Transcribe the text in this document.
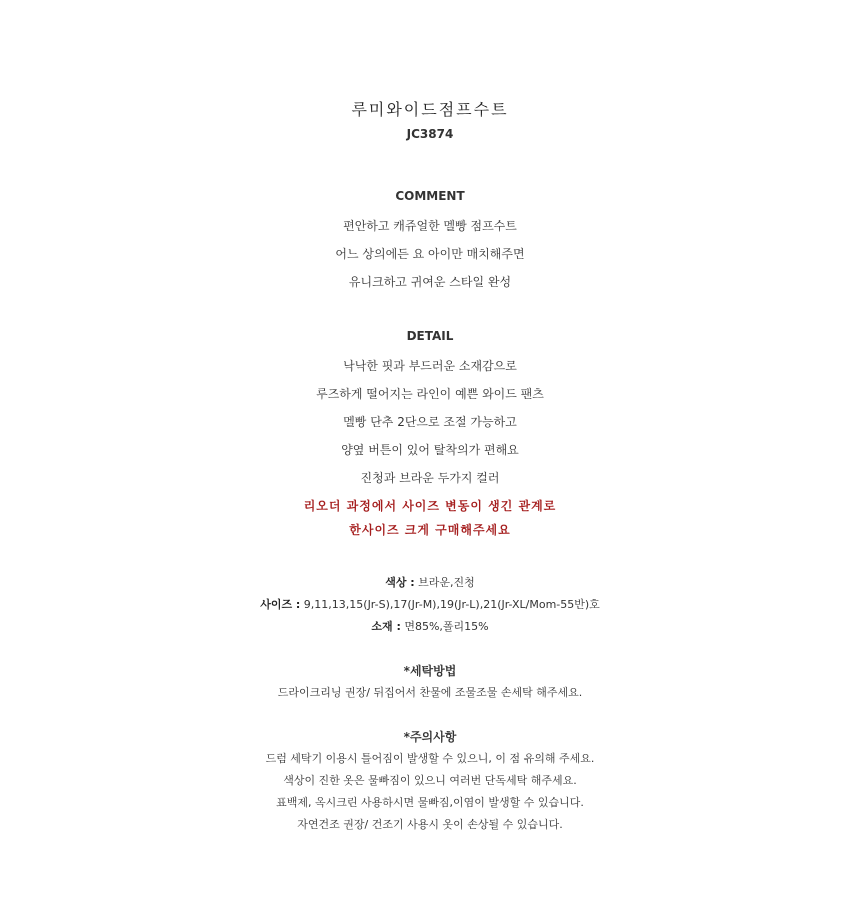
루미와이드점프수트
JC3874
COMMENT
편안하고 캐쥬얼한 멜빵 점프수트
어느 상의에든 요 아이만 매치해주면
유니크하고 귀여운 스타일 완성
DETAIL
낙낙한 핏과 부드러운 소재감으로
루즈하게 떨어지는 라인이 예쁜 와이드 팬츠
멜빵 단추 2단으로 조절 가능하고
양옆 버튼이 있어 탈착의가 편해요
진청과 브라운 두가지 컬러
리오더 과정에서 사이즈 변동이 생긴 관계로
한사이즈 크게 구매해주세요
색상 : 브라운,진청
사이즈 : 9,11,13,15(Jr-S),17(Jr-M),19(Jr-L),21(Jr-XL/Mom-55반)호
소재 : 면85%,폴리15%
*세탁방법
드라이크리닝 권장/ 뒤집어서 찬물에 조물조물 손세탁 해주세요.
*주의사항
드럼 세탁기 이용시 틀어짐이 발생할 수 있으니, 이 점 유의해 주세요.
색상이 진한 옷은 물빠짐이 있으니 여러번 단독세탁 해주세요.
표백제, 옥시크린 사용하시면 물빠짐,이염이 발생할 수 있습니다.
자연건조 권장/ 건조기 사용시 옷이 손상될 수 있습니다.
